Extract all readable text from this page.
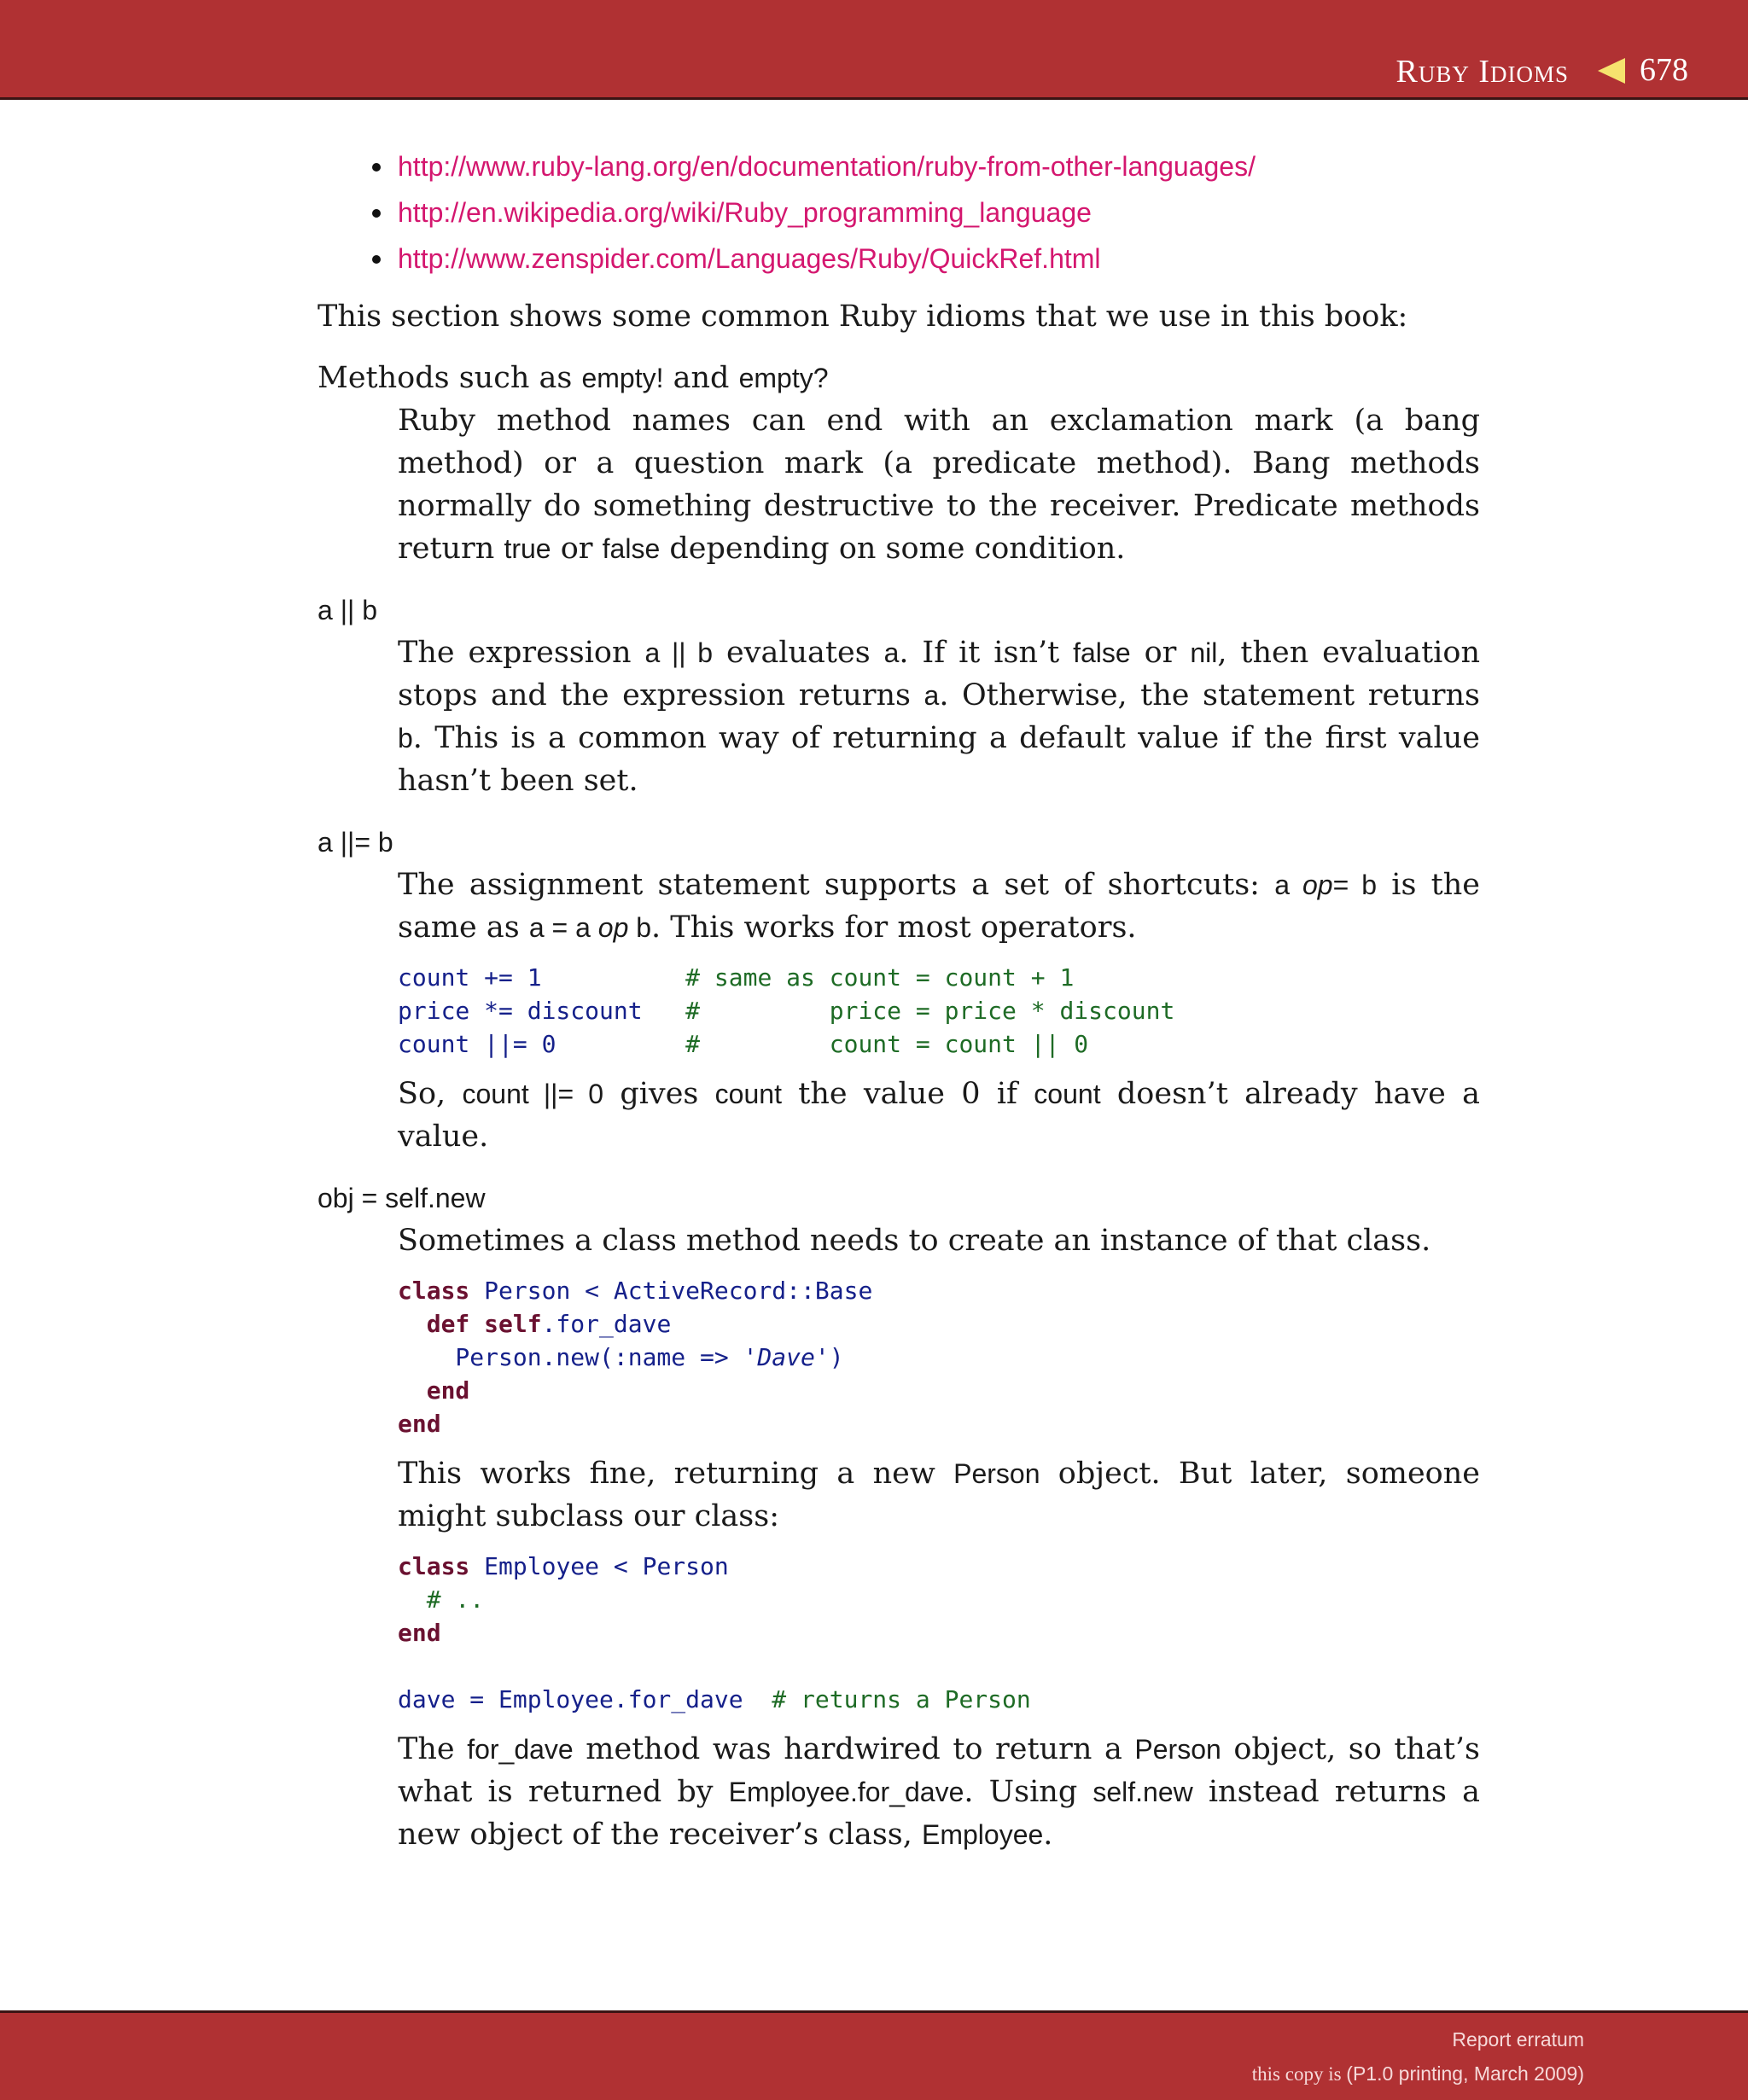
Ruby Idioms 678
http://www.ruby-lang.org/en/documentation/ruby-from-other-languages/
http://en.wikipedia.org/wiki/Ruby_programming_language
http://www.zenspider.com/Languages/Ruby/QuickRef.html

This section shows some common Ruby idioms that we use in this book:

Methods such as empty! and empty?

Ruby method names can end with an exclamation mark (a bang method) or a question mark (a predicate method). Bang methods normally do something destructive to the receiver. Predicate methods return true or false depending on some condition.

a || b

The expression a || b evaluates a. If it isn’t false or nil, then evaluation stops and the expression returns a. Otherwise, the statement returns b. This is a common way of returning a default value if the first value hasn’t been set.

a ||= b

The assignment statement supports a set of shortcuts: a op= b is the same as a = a op b. This works for most operators.

count += 1          # same as count = count + 1
price *= discount   #         price = price * discount
count ||= 0         #         count = count || 0

So, count ||= 0 gives count the value 0 if count doesn’t already have a value.

obj = self.new

Sometimes a class method needs to create an instance of that class.

class Person < ActiveRecord::Base
def self.for_dave
Person.new(:name => 'Dave')
end
end

This works fine, returning a new Person object. But later, someone might subclass our class:

class Employee < Person
# ..
end

dave = Employee.for_dave  # returns a Person

The for_dave method was hardwired to return a Person object, so that’s what is returned by Employee.for_dave. Using self.new instead returns a new object of the receiver’s class, Employee.

Report erratum
this copy is (P1.0 printing, March 2009)
